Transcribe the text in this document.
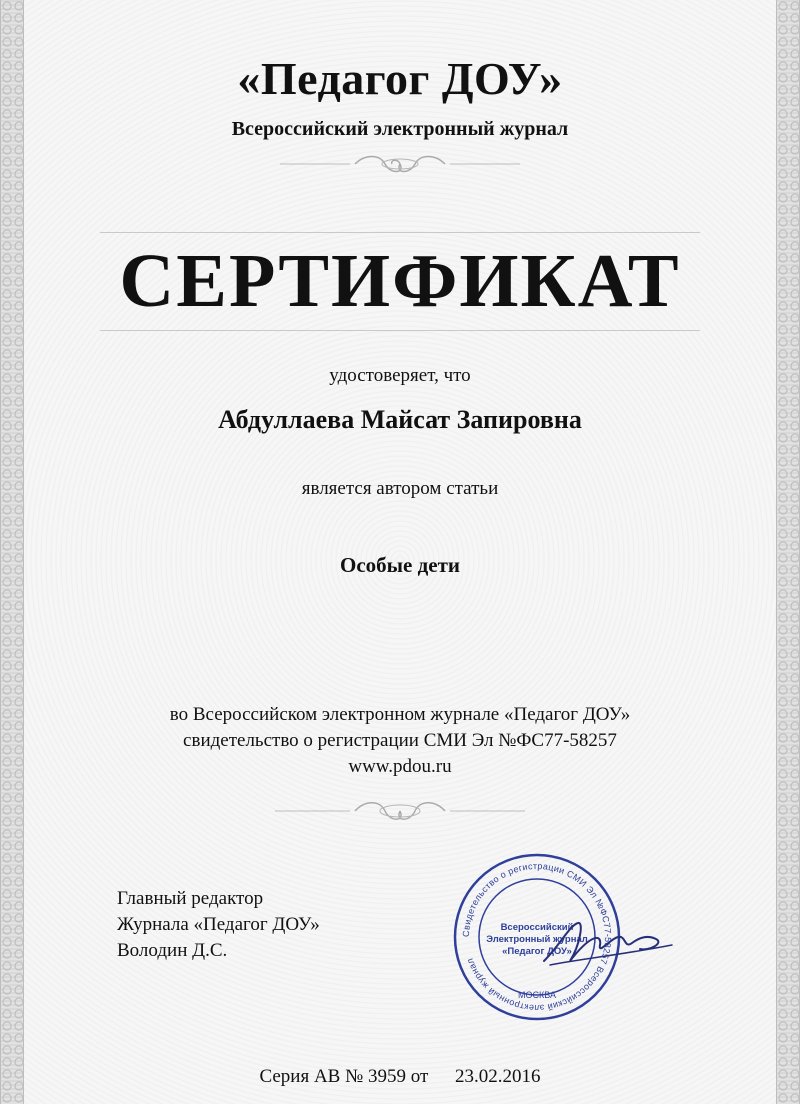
«Педагог ДОУ»
Всероссийский электронный журнал
СЕРТИФИКАТ
удостоверяет, что
Абдуллаева Майсат Запировна
является автором статьи
Особые дети
во Всероссийском электронном журнале «Педагог ДОУ»
свидетельство о регистрации СМИ Эл №ФС77-58257
www.pdou.ru
Главный редактор
Журнала «Педагог ДОУ»
Володин Д.С.
Свидетельство о регистрации СМИ Эл №ФС77-58257 Всероссийский электронный журнал
Всероссийский
Электронный журнал
«Педагог ДОУ»
МОСКВА
Серия АВ № 3959 от 23.02.2016
